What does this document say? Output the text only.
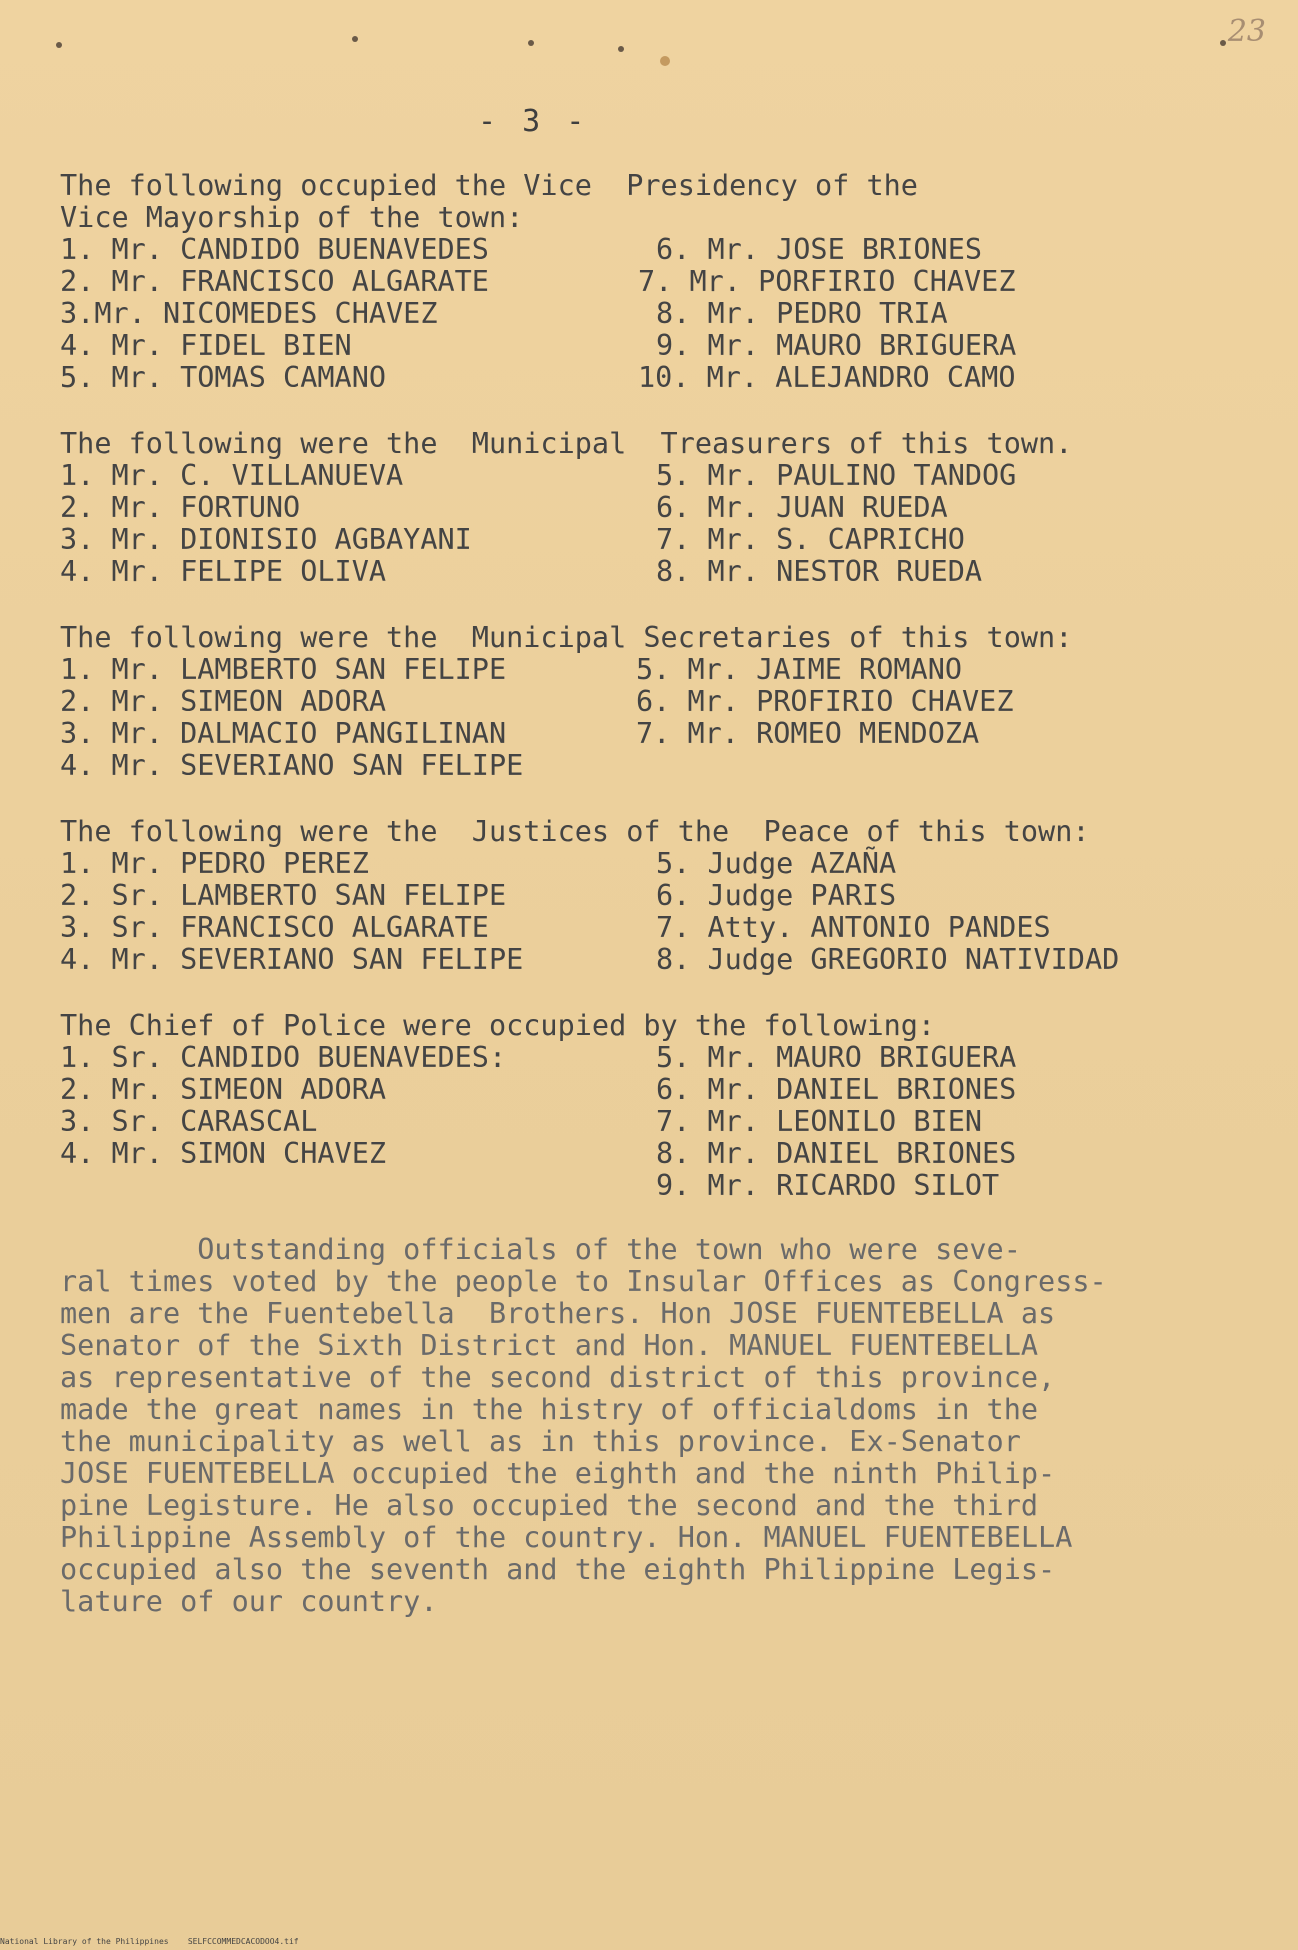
23
- 3 -
The following occupied the Vice  Presidency of the
Vice Mayorship of the town:
1. Mr. CANDIDO BUENAVEDES
2. Mr. FRANCISCO ALGARATE
3.Mr. NICOMEDES CHAVEZ
4. Mr. FIDEL BIEN
5. Mr. TOMAS CAMANO
6. Mr. JOSE BRIONES
7. Mr. PORFIRIO CHAVEZ
8. Mr. PEDRO TRIA
9. Mr. MAURO BRIGUERA
10. Mr. ALEJANDRO CAMO
The following were the  Municipal  Treasurers of this town.
1. Mr. C. VILLANUEVA
2. Mr. FORTUNO
3. Mr. DIONISIO AGBAYANI
4. Mr. FELIPE OLIVA
5. Mr. PAULINO TANDOG
6. Mr. JUAN RUEDA
7. Mr. S. CAPRICHO
8. Mr. NESTOR RUEDA
The following were the  Municipal Secretaries of this town:
1. Mr. LAMBERTO SAN FELIPE
2. Mr. SIMEON ADORA
3. Mr. DALMACIO PANGILINAN
4. Mr. SEVERIANO SAN FELIPE
5. Mr. JAIME ROMANO
6. Mr. PROFIRIO CHAVEZ
7. Mr. ROMEO MENDOZA
The following were the  Justices of the  Peace of this town:
1. Mr. PEDRO PEREZ
2. Sr. LAMBERTO SAN FELIPE
3. Sr. FRANCISCO ALGARATE
4. Mr. SEVERIANO SAN FELIPE
5. Judge AZAÑA
6. Judge PARIS
7. Atty. ANTONIO PANDES
8. Judge GREGORIO NATIVIDAD
The Chief of Police were occupied by the following:
1. Sr. CANDIDO BUENAVEDES:
2. Mr. SIMEON ADORA
3. Sr. CARASCAL
4. Mr. SIMON CHAVEZ
5. Mr. MAURO BRIGUERA
6. Mr. DANIEL BRIONES
7. Mr. LEONILO BIEN
8. Mr. DANIEL BRIONES
9. Mr. RICARDO SILOT
Outstanding officials of the town who were seve-
ral times voted by the people to Insular Offices as Congress-
men are the Fuentebella  Brothers. Hon JOSE FUENTEBELLA as
Senator of the Sixth District and Hon. MANUEL FUENTEBELLA
as representative of the second district of this province,
made the great names in the histry of officialdoms in the
the municipality as well as in this province. Ex-Senator
JOSE FUENTEBELLA occupied the eighth and the ninth Philip-
pine Legisture. He also occupied the second and the third
Philippine Assembly of the country. Hon. MANUEL FUENTEBELLA
occupied also the seventh and the eighth Philippine Legis-
lature of our country.
National Library of the Philippines    SELFCCOMMEDCACODOO4.tif
